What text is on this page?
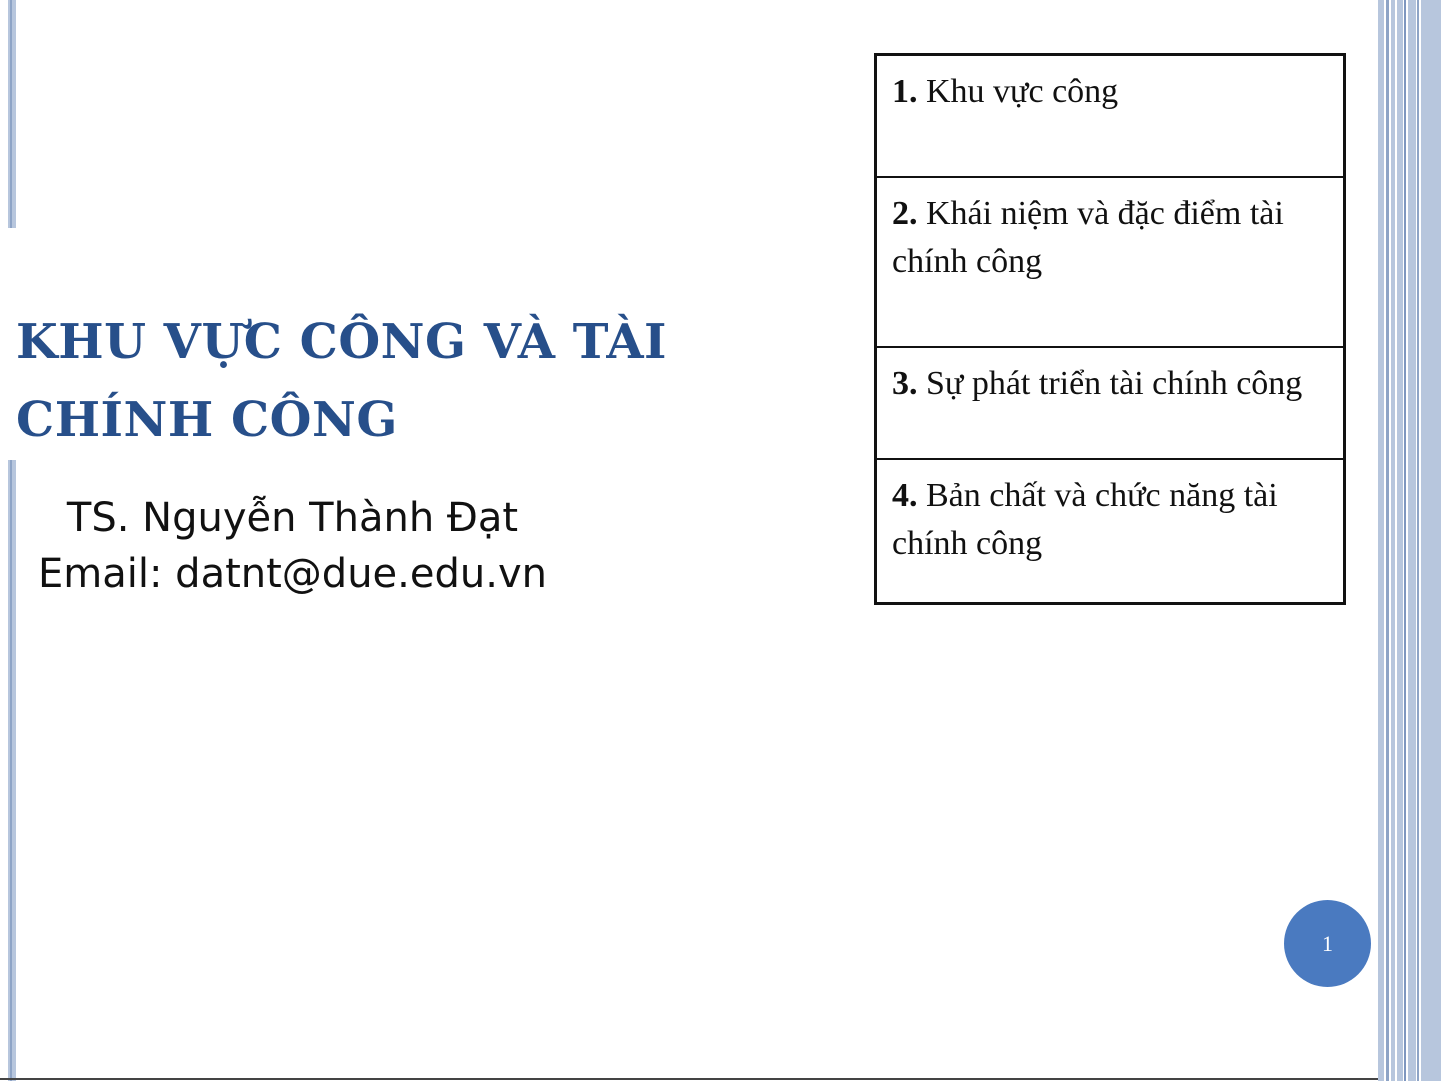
KHU VỰC CÔNG VÀ TÀI
CHÍNH CÔNG
TS. Nguyễn Thành Đạt
Email: datnt@due.edu.vn
1. Khu vực công
2. Khái niệm và đặc điểm tài chính công
3. Sự phát triển tài chính công
4. Bản chất và chức năng tài chính công
1
